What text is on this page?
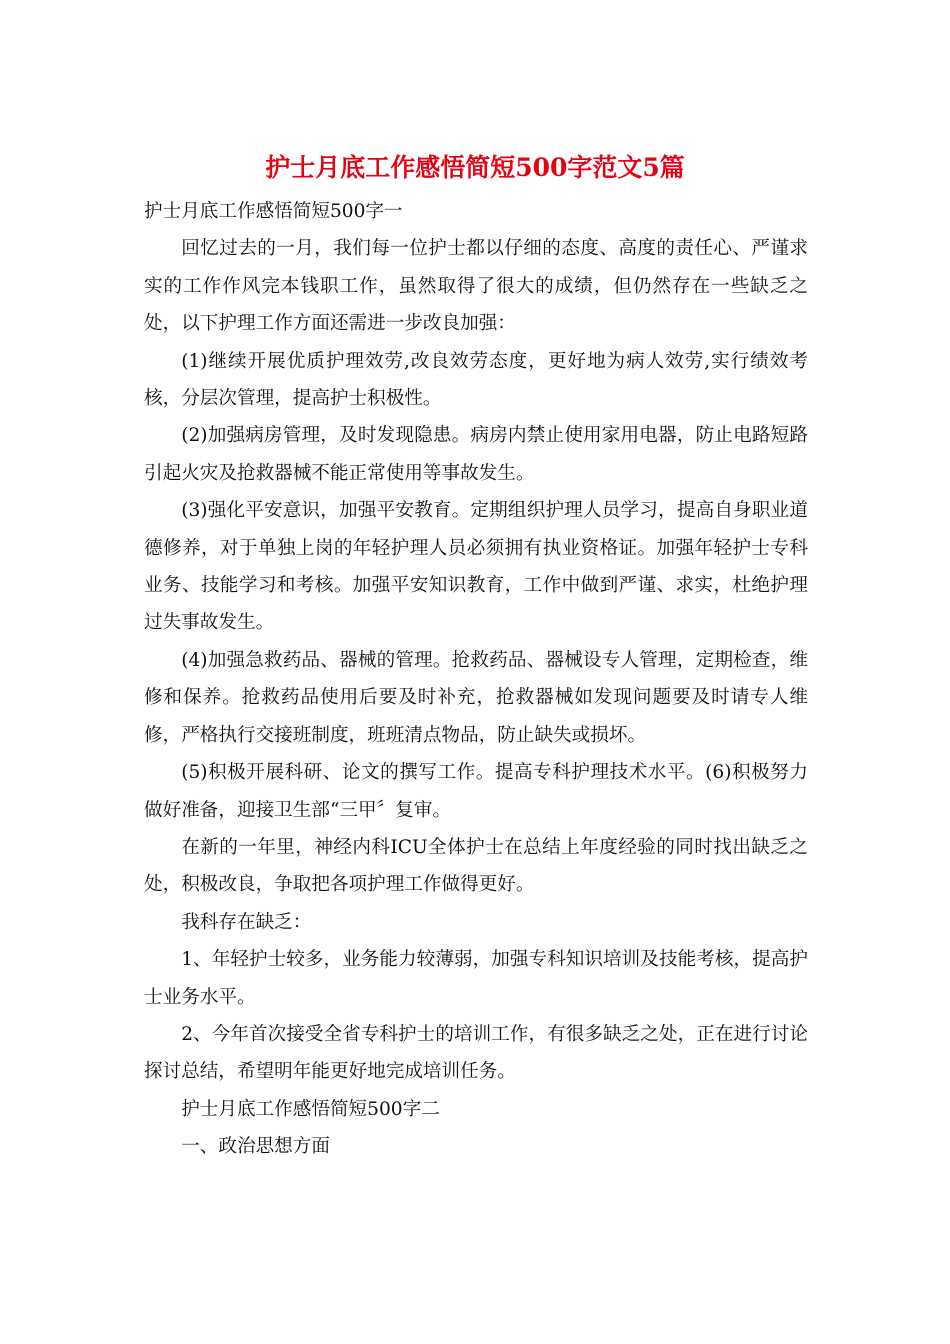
护士月底工作感悟简短500字范文5篇

护士月底工作感悟简短500字一

回忆过去的一月，我们每一位护士都以仔细的态度、高度的责任心、严谨求实的工作作风完本钱职工作，虽然取得了很大的成绩，但仍然存在一些缺乏之处，以下护理工作方面还需进一步改良加强：

(1)继续开展优质护理效劳,改良效劳态度，更好地为病人效劳,实行绩效考核，分层次管理，提高护士积极性。

(2)加强病房管理，及时发现隐患。病房内禁止使用家用电器，防止电路短路引起火灾及抢救器械不能正常使用等事故发生。

(3)强化平安意识，加强平安教育。定期组织护理人员学习，提高自身职业道德修养，对于单独上岗的年轻护理人员必须拥有执业资格证。加强年轻护士专科业务、技能学习和考核。加强平安知识教育，工作中做到严谨、求实，杜绝护理过失事故发生。

(4)加强急救药品、器械的管理。抢救药品、器械设专人管理，定期检查，维修和保养。抢救药品使用后要及时补充，抢救器械如发现问题要及时请专人维修，严格执行交接班制度，班班清点物品，防止缺失或损坏。

(5)积极开展科研、论文的撰写工作。提高专科护理技术水平。(6)积极努力做好准备，迎接卫生部“三甲〞复审。

在新的一年里，神经内科ICU全体护士在总结上年度经验的同时找出缺乏之处，积极改良，争取把各项护理工作做得更好。

我科存在缺乏：

1、年轻护士较多，业务能力较薄弱，加强专科知识培训及技能考核，提高护士业务水平。

2、今年首次接受全省专科护士的培训工作，有很多缺乏之处，正在进行讨论探讨总结，希望明年能更好地完成培训任务。

护士月底工作感悟简短500字二

一、政治思想方面
